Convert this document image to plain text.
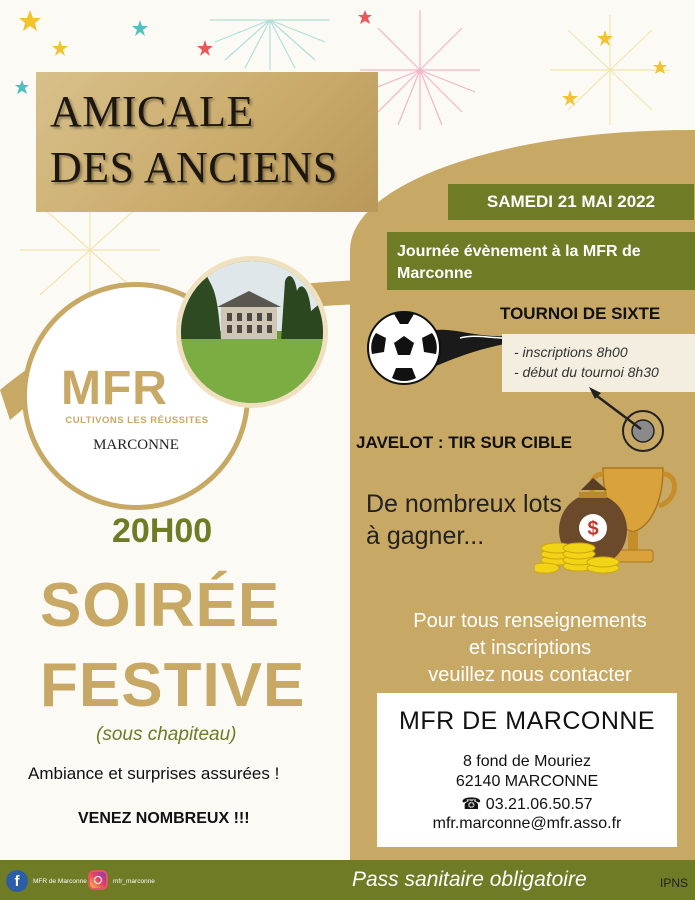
AMICALE
DES ANCIENS
SAMEDI 21 MAI 2022
Journée évènement à la MFR de Marconne
TOURNOI DE SIXTE
- inscriptions 8h00
- début du tournoi 8h30
JAVELOT : TIR SUR CIBLE
De nombreux lots
à gagner...	$
Pour tous renseignements
et inscriptions
veuillez nous contacter
MFR DE MARCONNE
8 fond de Mouriez
62140 MARCONNE
☎ 03.21.06.50.57
mfr.marconne@mfr.asso.fr
MFR
CULTIVONS LES RÉUSSITES
MARCONNE
20H00
SOIRÉE
FESTIVE
(sous chapiteau)
Ambiance et surprises assurées !
VENEZ NOMBREUX !!!
f	MFR de Marconne	mfr_marconne	Pass sanitaire obligatoire	IPNS
